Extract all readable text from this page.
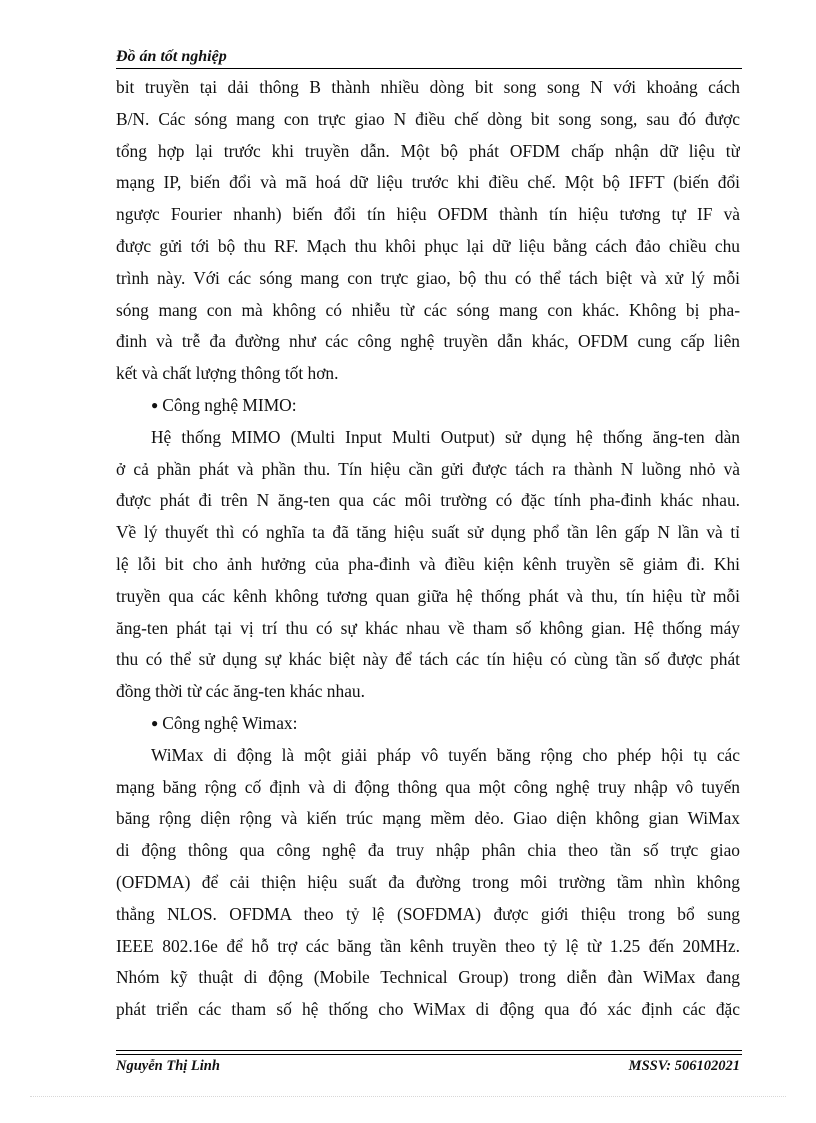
Đồ án tốt nghiệp
bit truyền tại dải thông B thành nhiều dòng bit song song N với khoảng cách
B/N. Các sóng mang con trực giao N điều chế dòng bit song song, sau đó được
tổng hợp lại trước khi truyền dẫn. Một bộ phát OFDM chấp nhận dữ liệu từ
mạng IP, biến đổi và mã hoá dữ liệu trước khi điều chế. Một bộ IFFT (biến đổi
ngược Fourier nhanh) biến đổi tín hiệu OFDM thành tín hiệu tương tự IF và
được gửi tới bộ thu RF. Mạch thu khôi phục lại dữ liệu bằng cách đảo chiều chu
trình này. Với các sóng mang con trực giao, bộ thu có thể tách biệt và xử lý mỗi
sóng mang con mà không có nhiễu từ các sóng mang con khác. Không bị pha-
đinh và trễ đa đường như các công nghệ truyền dẫn khác, OFDM cung cấp liên
kết và chất lượng thông tốt hơn.
● Công nghệ MIMO:
Hệ thống MIMO (Multi Input Multi Output) sử dụng hệ thống ăng-ten dàn
ở cả phần phát và phần thu. Tín hiệu cần gửi được tách ra thành N luồng nhỏ và
được phát đi trên N ăng-ten qua các môi trường có đặc tính pha-đinh khác nhau.
Về lý thuyết thì có nghĩa ta đã tăng hiệu suất sử dụng phổ tần lên gấp N lần và tỉ
lệ lỗi bit cho ảnh hưởng của pha-đinh và điều kiện kênh truyền sẽ giảm đi. Khi
truyền qua các kênh không tương quan giữa hệ thống phát và thu, tín hiệu từ mỗi
ăng-ten phát tại vị trí thu có sự khác nhau về tham số không gian. Hệ thống máy
thu có thể sử dụng sự khác biệt này để tách các tín hiệu có cùng tần số được phát
đồng thời từ các ăng-ten khác nhau.
● Công nghệ Wimax:
WiMax di động là một giải pháp vô tuyến băng rộng cho phép hội tụ các
mạng băng rộng cố định và di động thông qua một công nghệ truy nhập vô tuyến
băng rộng diện rộng và kiến trúc mạng mềm dẻo. Giao diện không gian WiMax
di động thông qua công nghệ đa truy nhập phân chia theo tần số trực giao
(OFDMA) để cải thiện hiệu suất đa đường trong môi trường tầm nhìn không
thẳng NLOS. OFDMA theo tỷ lệ (SOFDMA) được giới thiệu trong bổ sung
IEEE 802.16e để hỗ trợ các băng tần kênh truyền theo tỷ lệ từ 1.25 đến 20MHz.
Nhóm kỹ thuật di động (Mobile Technical Group) trong diễn đàn WiMax đang
phát triển các tham số hệ thống cho WiMax di động qua đó xác định các đặc
Nguyễn Thị Linh	MSSV: 506102021
